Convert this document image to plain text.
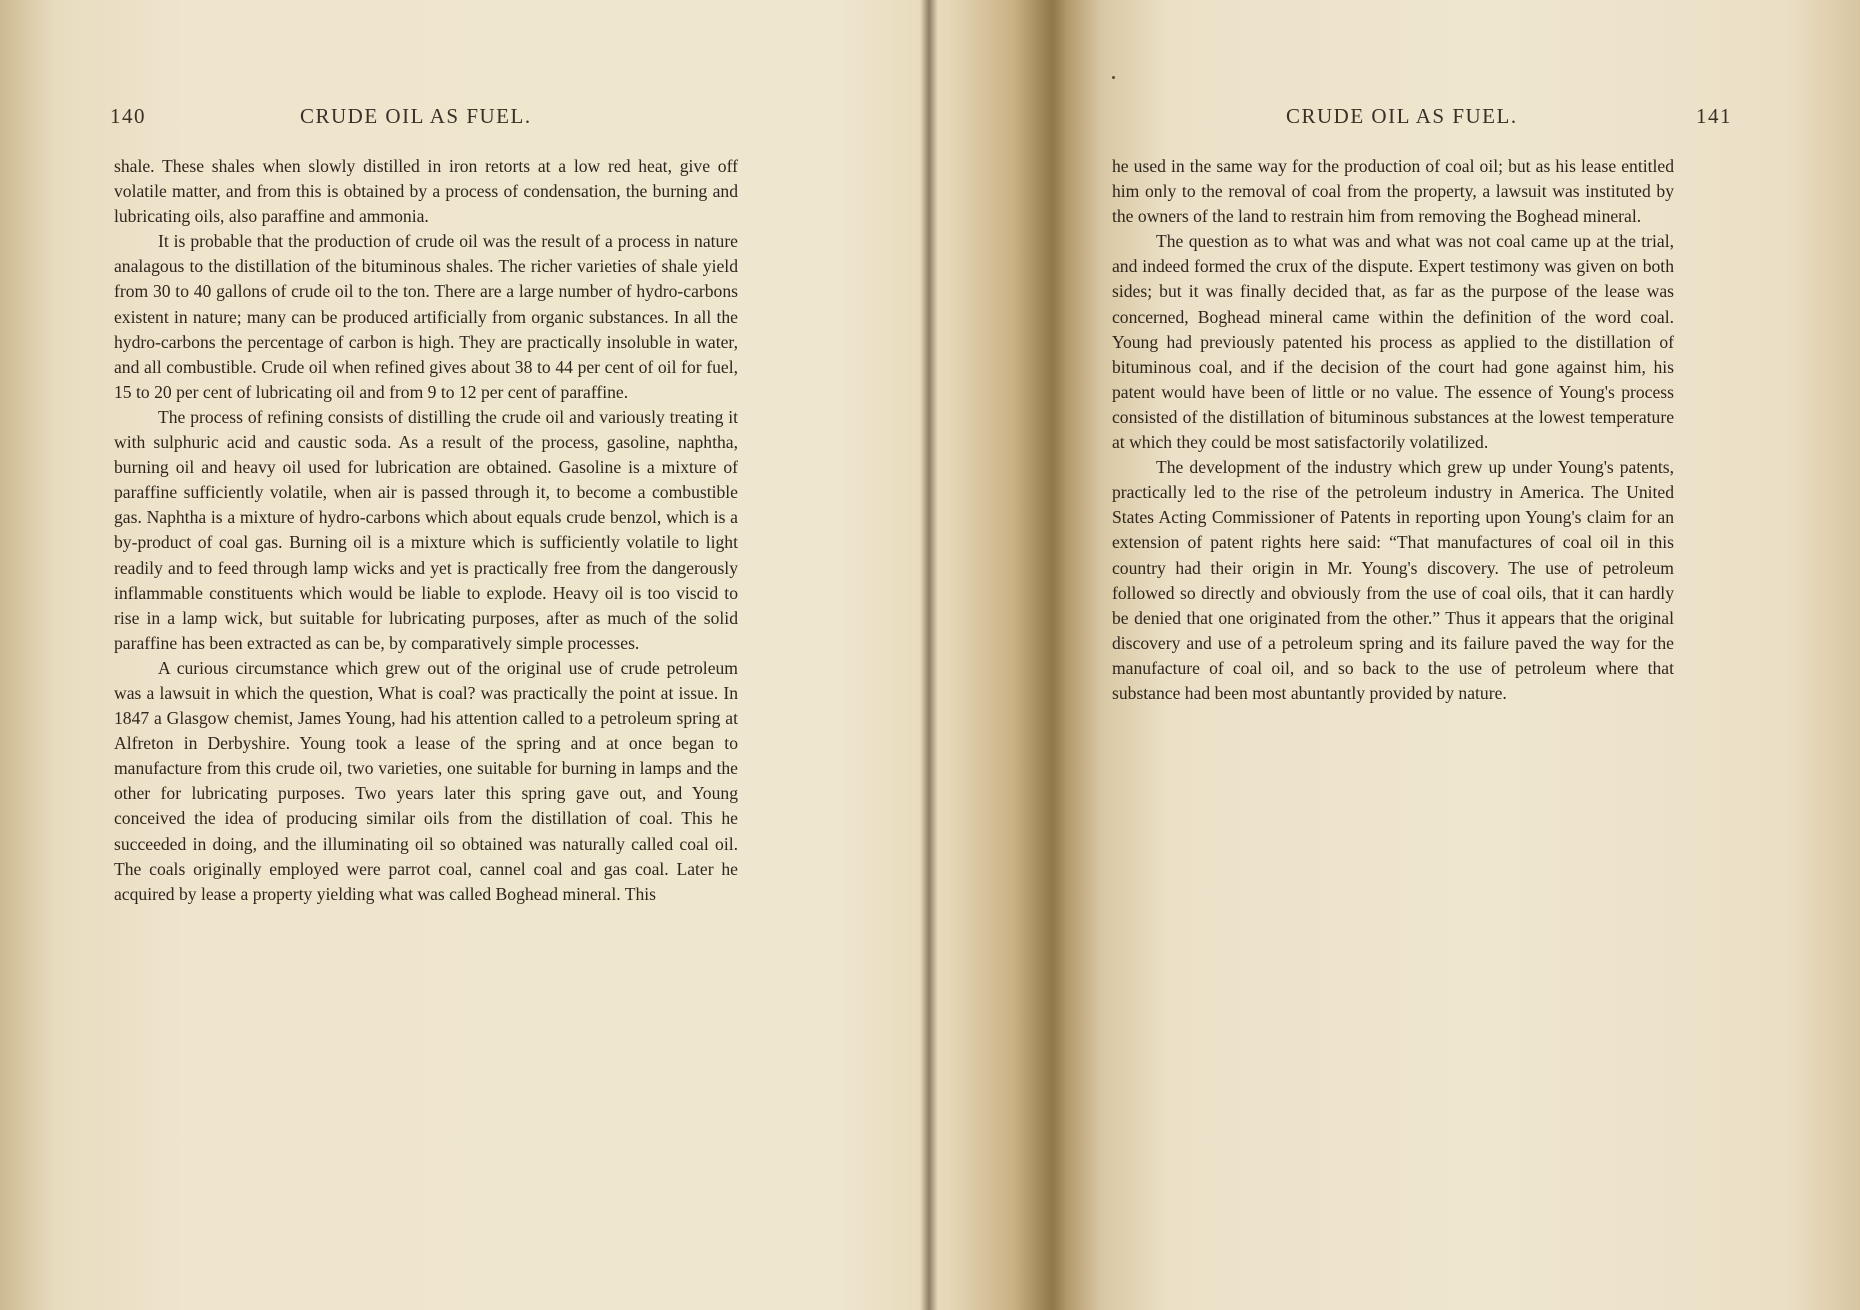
140	CRUDE OIL AS FUEL.

shale. These shales when slowly distilled in iron retorts at a low red heat, give off volatile matter, and from this is obtained by a process of condensation, the burning and lubricating oils, also paraffine and ammonia.

It is probable that the production of crude oil was the result of a process in nature analagous to the distillation of the bituminous shales. The richer varieties of shale yield from 30 to 40 gallons of crude oil to the ton. There are a large number of hydro-carbons existent in nature; many can be produced artificially from organic substances. In all the hydro-carbons the percentage of carbon is high. They are practically insoluble in water, and all combustible. Crude oil when refined gives about 38 to 44 per cent of oil for fuel, 15 to 20 per cent of lubricating oil and from 9 to 12 per cent of paraffine.

The process of refining consists of distilling the crude oil and variously treating it with sulphuric acid and caustic soda. As a result of the process, gasoline, naphtha, burning oil and heavy oil used for lubrication are obtained. Gasoline is a mixture of paraffine sufficiently volatile, when air is passed through it, to become a combustible gas. Naphtha is a mixture of hydro-carbons which about equals crude benzol, which is a by-product of coal gas. Burning oil is a mixture which is sufficiently volatile to light readily and to feed through lamp wicks and yet is practically free from the dangerously inflammable constituents which would be liable to explode. Heavy oil is too viscid to rise in a lamp wick, but suitable for lubricating purposes, after as much of the solid paraffine has been extracted as can be, by comparatively simple processes.

A curious circumstance which grew out of the original use of crude petroleum was a lawsuit in which the question, What is coal? was practically the point at issue. In 1847 a Glasgow chemist, James Young, had his attention called to a petroleum spring at Alfreton in Derbyshire. Young took a lease of the spring and at once began to manufacture from this crude oil, two varieties, one suitable for burning in lamps and the other for lubricating purposes. Two years later this spring gave out, and Young conceived the idea of producing similar oils from the distillation of coal. This he succeeded in doing, and the illuminating oil so obtained was naturally called coal oil. The coals originally employed were parrot coal, cannel coal and gas coal. Later he acquired by lease a property yielding what was called Boghead mineral. This

CRUDE OIL AS FUEL.	141

he used in the same way for the production of coal oil; but as his lease entitled him only to the removal of coal from the property, a lawsuit was instituted by the owners of the land to restrain him from removing the Boghead mineral.

The question as to what was and what was not coal came up at the trial, and indeed formed the crux of the dispute. Expert testimony was given on both sides; but it was finally decided that, as far as the purpose of the lease was concerned, Boghead mineral came within the definition of the word coal. Young had previously patented his process as applied to the distillation of bituminous coal, and if the decision of the court had gone against him, his patent would have been of little or no value. The essence of Young's process consisted of the distillation of bituminous substances at the lowest temperature at which they could be most satisfactorily volatilized.

The development of the industry which grew up under Young's patents, practically led to the rise of the petroleum industry in America. The United States Acting Commissioner of Patents in reporting upon Young's claim for an extension of patent rights here said: “That manufactures of coal oil in this country had their origin in Mr. Young's discovery. The use of petroleum followed so directly and obviously from the use of coal oils, that it can hardly be denied that one originated from the other.” Thus it appears that the original discovery and use of a petroleum spring and its failure paved the way for the manufacture of coal oil, and so back to the use of petroleum where that substance had been most abuntantly provided by nature.
